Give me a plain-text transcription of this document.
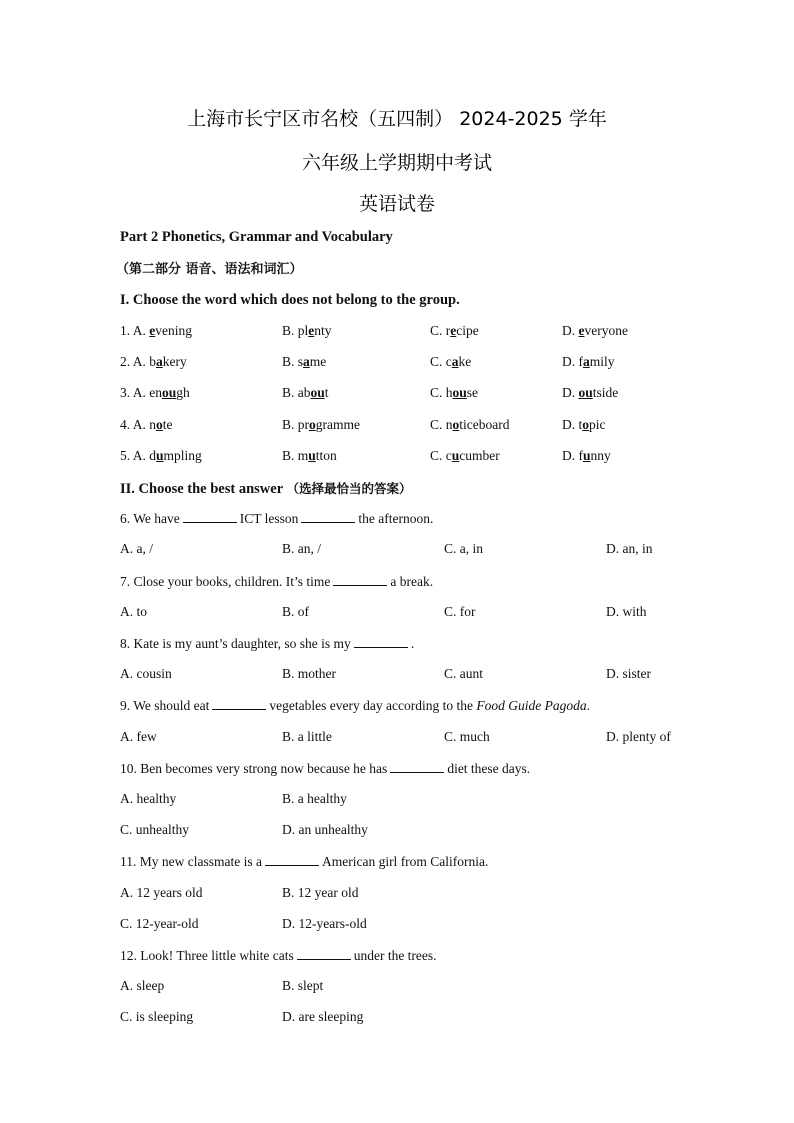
上海市长宁区市名校（五四制） 2024-2025 学年
六年级上学期期中考试
英语试卷
Part 2 Phonetics, Grammar and Vocabulary
（第二部分 语音、语法和词汇）
I. Choose the word which does not belong to the group.
1. A. evening	B. plenty	C. recipe	D. everyone
2. A. bakery	B. same	C. cake	D. family
3. A. enough	B. about	C. house	D. outside
4. A. note	B. programme	C. noticeboard	D. topic
5. A. dumpling	B. mutton	C. cucumber	D. funny
II. Choose the best answer （选择最恰当的答案）
6. We have	ICT lesson	the afternoon.
A. a, /	B. an, /	C. a, in	D. an, in
7. Close your books, children. It’s time	a break.
A. to	B. of	C. for	D. with
8. Kate is my aunt’s daughter, so she is my	.
A. cousin	B. mother	C. aunt	D. sister
9. We should eat	vegetables every day according to the Food Guide Pagoda.
A. few	B. a little	C. much	D. plenty of
10. Ben becomes very strong now because he has	diet these days.
A. healthy	B. a healthy
C. unhealthy	D. an unhealthy
11. My new classmate is a	American girl from California.
A. 12 years old	B. 12 year old
C. 12-year-old	D. 12-years-old
12. Look! Three little white cats	under the trees.
A. sleep	B. slept
C. is sleeping	D. are sleeping
